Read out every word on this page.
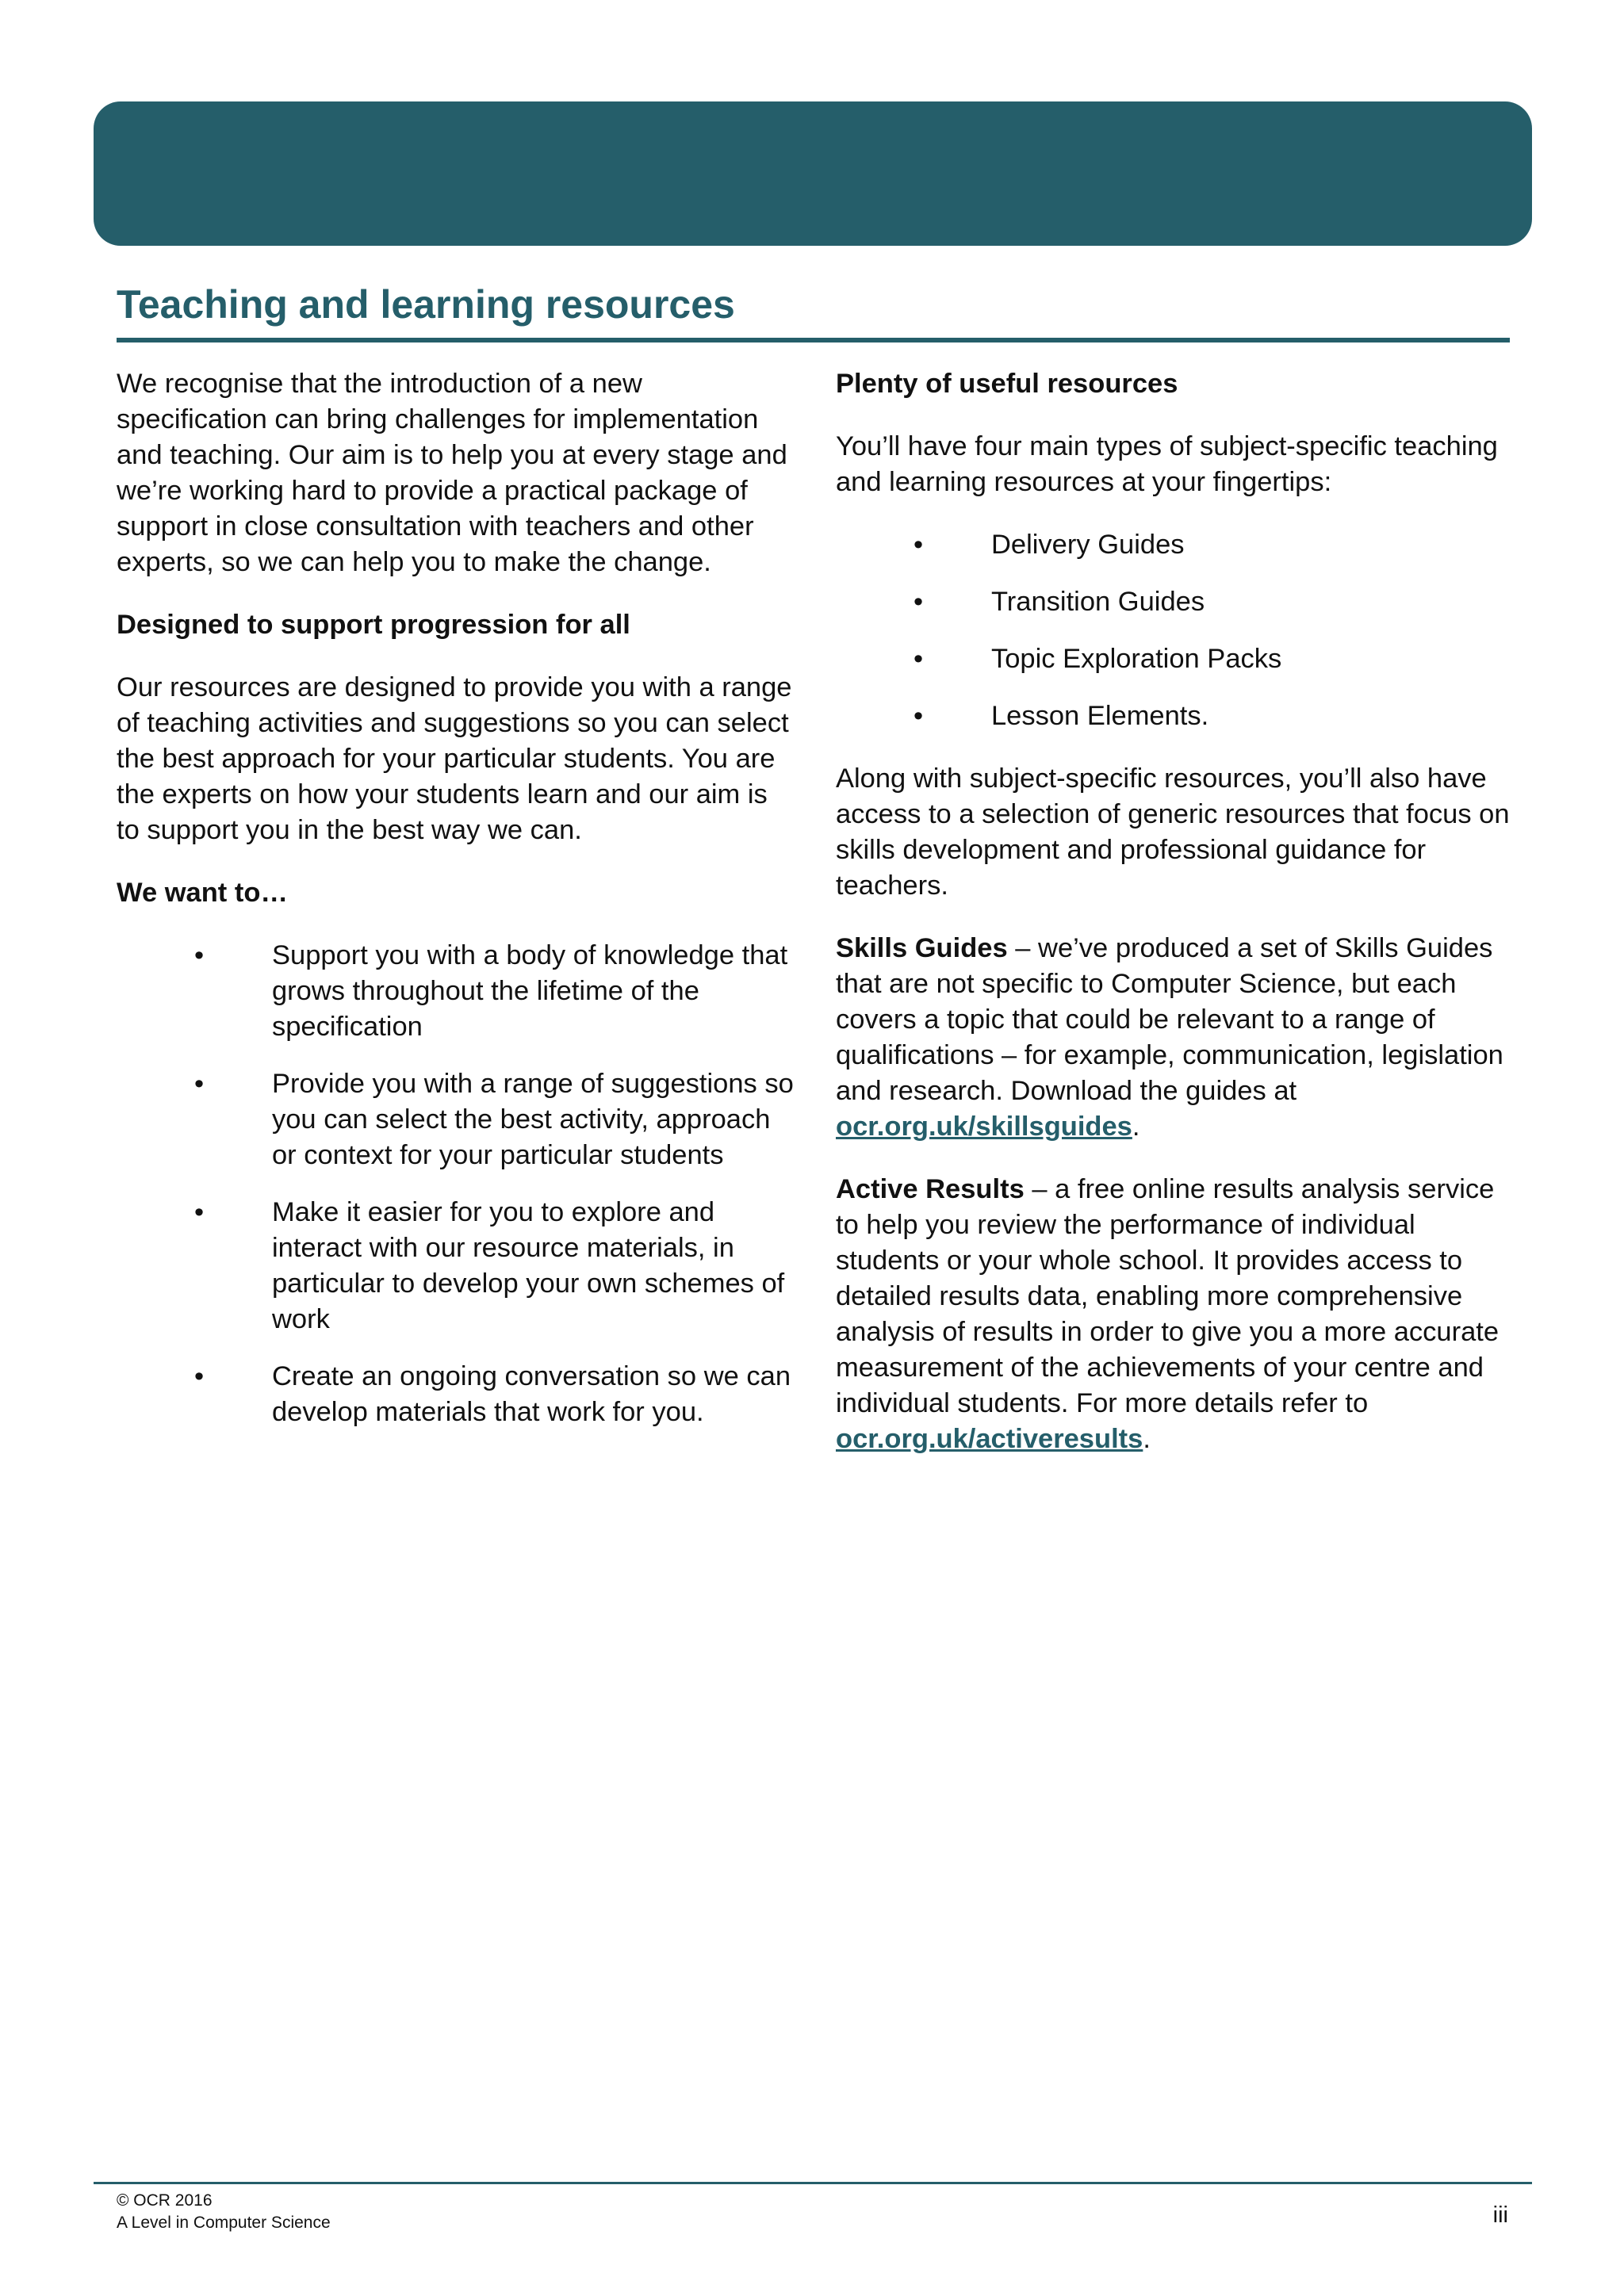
Teaching and learning resources

We recognise that the introduction of a new specification can bring challenges for implementation and teaching. Our aim is to help you at every stage and we’re working hard to provide a practical package of support in close consultation with teachers and other experts, so we can help you to make the change.

Designed to support progression for all

Our resources are designed to provide you with a range of teaching activities and suggestions so you can select the best approach for your particular students. You are the experts on how your students learn and our aim is to support you in the best way we can.

We want to…

• Support you with a body of knowledge that grows throughout the lifetime of the specification
• Provide you with a range of suggestions so you can select the best activity, approach or context for your particular students
• Make it easier for you to explore and interact with our resource materials, in particular to develop your own schemes of work
• Create an ongoing conversation so we can develop materials that work for you.

Plenty of useful resources

You’ll have four main types of subject-specific teaching and learning resources at your fingertips:

• Delivery Guides
• Transition Guides
• Topic Exploration Packs
• Lesson Elements.

Along with subject-specific resources, you’ll also have access to a selection of generic resources that focus on skills development and professional guidance for teachers.

Skills Guides – we’ve produced a set of Skills Guides that are not specific to Computer Science, but each covers a topic that could be relevant to a range of qualifications – for example, communication, legislation and research. Download the guides at ocr.org.uk/skillsguides.

Active Results – a free online results analysis service to help you review the performance of individual students or your whole school. It provides access to detailed results data, enabling more comprehensive analysis of results in order to give you a more accurate measurement of the achievements of your centre and individual students. For more details refer to ocr.org.uk/activeresults.

© OCR 2016
A Level in Computer Science	iii
